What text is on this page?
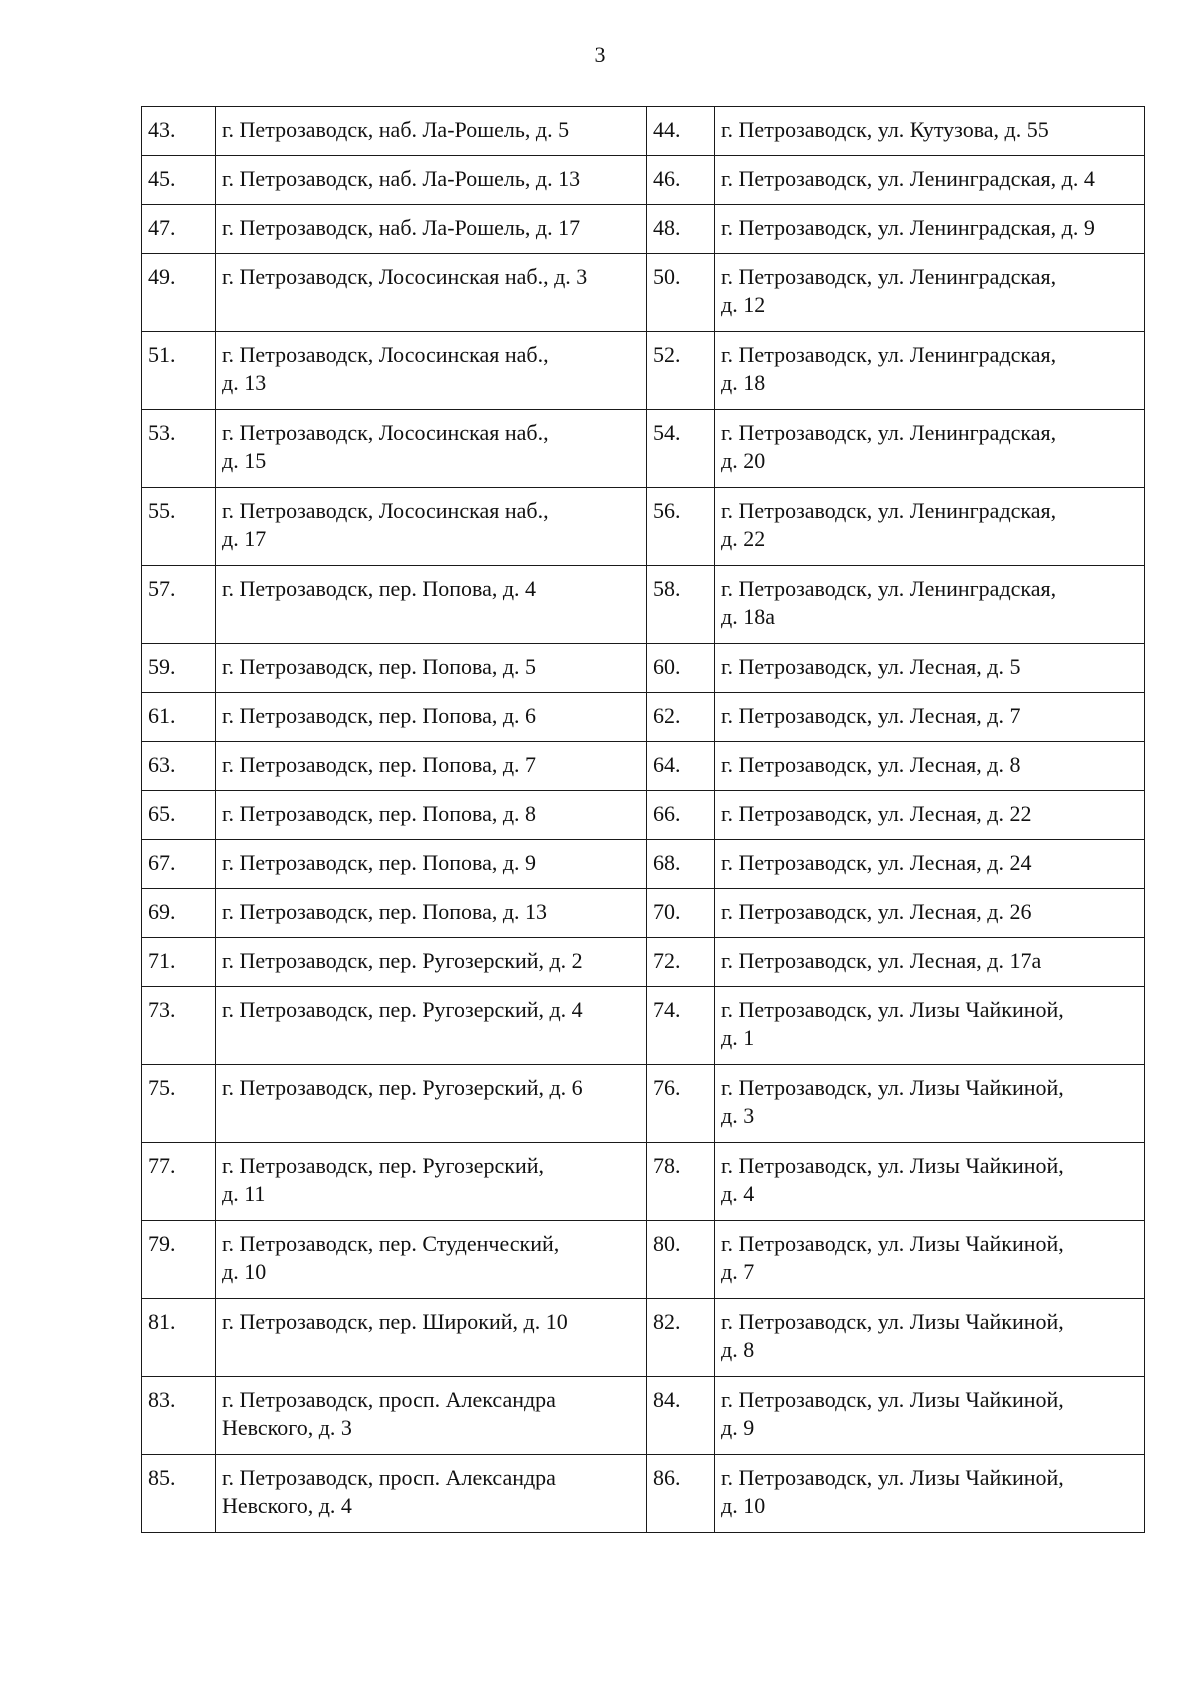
3

43.	г. Петрозаводск, наб. Ла-Рошель, д. 5	44.	г. Петрозаводск, ул. Кутузова, д. 55
45.	г. Петрозаводск, наб. Ла-Рошель, д. 13	46.	г. Петрозаводск, ул. Ленинградская, д. 4
47.	г. Петрозаводск, наб. Ла-Рошель, д. 17	48.	г. Петрозаводск, ул. Ленинградская, д. 9
49.	г. Петрозаводск, Лососинская наб., д. 3	50.	г. Петрозаводск, ул. Ленинградская,
д. 12
51.	г. Петрозаводск, Лососинская наб.,
д. 13	52.	г. Петрозаводск, ул. Ленинградская,
д. 18
53.	г. Петрозаводск, Лососинская наб.,
д. 15	54.	г. Петрозаводск, ул. Ленинградская,
д. 20
55.	г. Петрозаводск, Лососинская наб.,
д. 17	56.	г. Петрозаводск, ул. Ленинградская,
д. 22
57.	г. Петрозаводск, пер. Попова, д. 4	58.	г. Петрозаводск, ул. Ленинградская,
д. 18а
59.	г. Петрозаводск, пер. Попова, д. 5	60.	г. Петрозаводск, ул. Лесная, д. 5
61.	г. Петрозаводск, пер. Попова, д. 6	62.	г. Петрозаводск, ул. Лесная, д. 7
63.	г. Петрозаводск, пер. Попова, д. 7	64.	г. Петрозаводск, ул. Лесная, д. 8
65.	г. Петрозаводск, пер. Попова, д. 8	66.	г. Петрозаводск, ул. Лесная, д. 22
67.	г. Петрозаводск, пер. Попова, д. 9	68.	г. Петрозаводск, ул. Лесная, д. 24
69.	г. Петрозаводск, пер. Попова, д. 13	70.	г. Петрозаводск, ул. Лесная, д. 26
71.	г. Петрозаводск, пер. Ругозерский, д. 2	72.	г. Петрозаводск, ул. Лесная, д. 17а
73.	г. Петрозаводск, пер. Ругозерский, д. 4	74.	г. Петрозаводск, ул. Лизы Чайкиной,
д. 1
75.	г. Петрозаводск, пер. Ругозерский, д. 6	76.	г. Петрозаводск, ул. Лизы Чайкиной,
д. 3
77.	г. Петрозаводск, пер. Ругозерский,
д. 11	78.	г. Петрозаводск, ул. Лизы Чайкиной,
д. 4
79.	г. Петрозаводск, пер. Студенческий,
д. 10	80.	г. Петрозаводск, ул. Лизы Чайкиной,
д. 7
81.	г. Петрозаводск, пер. Широкий, д. 10	82.	г. Петрозаводск, ул. Лизы Чайкиной,
д. 8
83.	г. Петрозаводск, просп. Александра
Невского, д. 3	84.	г. Петрозаводск, ул. Лизы Чайкиной,
д. 9
85.	г. Петрозаводск, просп. Александра
Невского, д. 4	86.	г. Петрозаводск, ул. Лизы Чайкиной,
д. 10
